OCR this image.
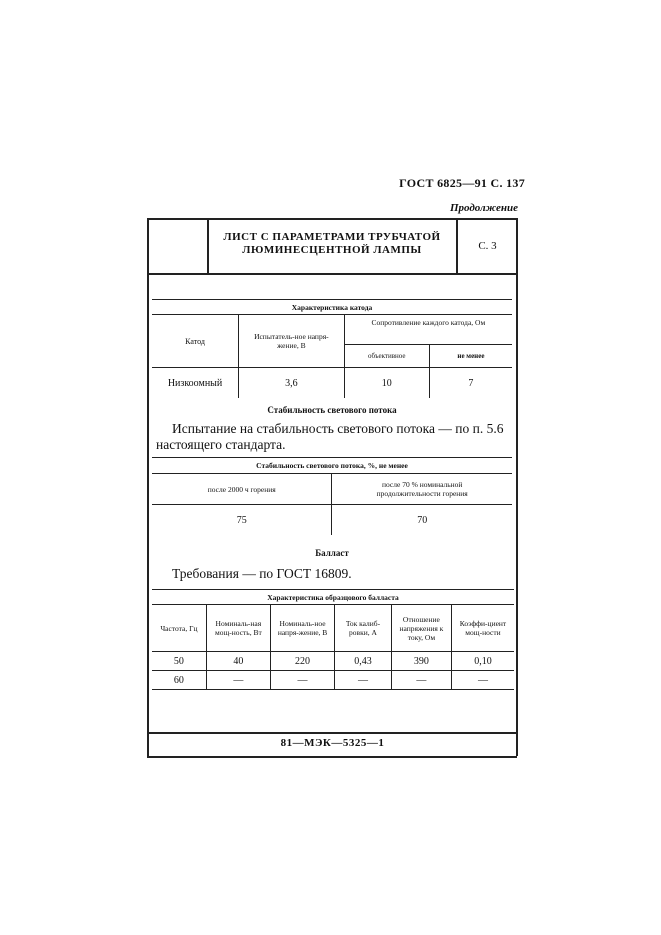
ГОСТ 6825—91 С. 137
Продолжение
ЛИСТ С ПАРАМЕТРАМИ ТРУБЧАТОЙ
ЛЮМИНЕСЦЕНТНОЙ ЛАМПЫ	С. 3
Характеристика катода			
Катод	Испытатель-ное напря-жение, В	Сопротивление каждого катода, Ом	
		объективное	не менее
Низкоомный	3,6	10	7
Стабильность светового потока
Испытание на стабильность светового потока — по п. 5.6
настоящего стандарта.
Стабильность светового потока, %, не менее	
после 2000 ч горения	после 70 % номинальной
продолжительности горения

75	70
Балласт
Требования — по ГОСТ 16809.
Характеристика образцового балласта					
Частота, Гц	Номиналь-ная мощ-ность, Вт	Номиналь-ное напря-жение, В	Ток калиб-ровки, А	Отношение напряжения к току, Ом	Коэффи-циент мощ-ности
50	40	220	0,43	390	0,10
60	—	—	—	—	—
81—МЭК—5325—1
